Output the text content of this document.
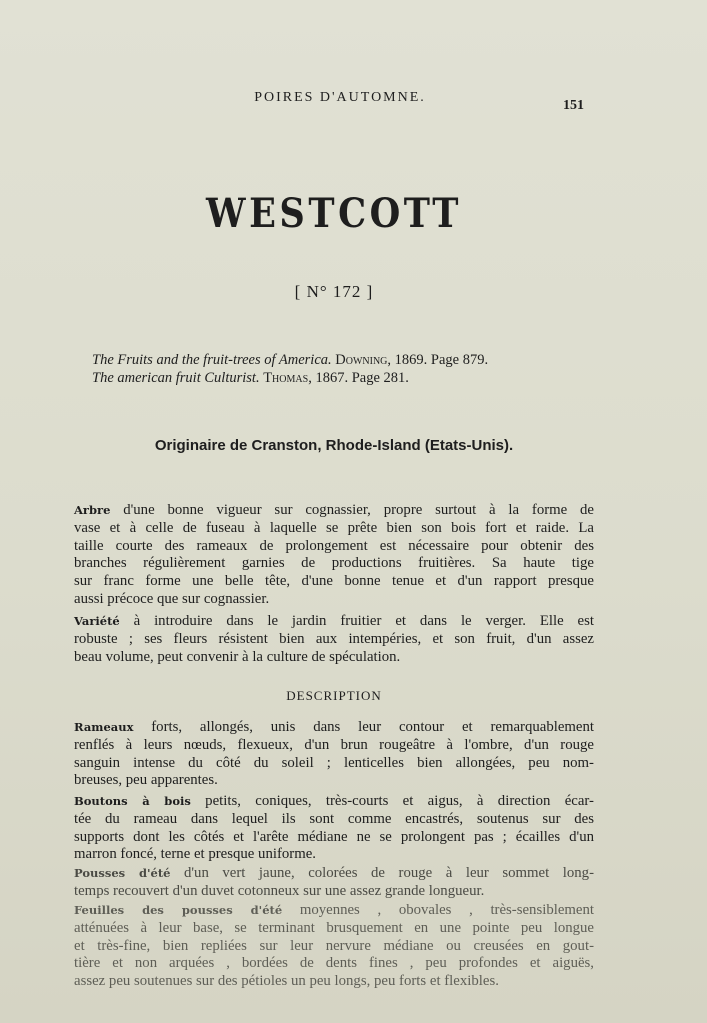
POIRES D'AUTOMNE.
151
WESTCOTT
[ N° 172 ]
The Fruits and the fruit-trees of America. Downing, 1869. Page 879.
The american fruit Culturist. Thomas, 1867. Page 281.
Originaire de Cranston, Rhode-Island (Etats-Unis).
Arbre d'une bonne vigueur sur cognassier, propre surtout à la forme de
vase et à celle de fuseau à laquelle se prête bien son bois fort et raide. La
taille courte des rameaux de prolongement est nécessaire pour obtenir des
branches régulièrement garnies de productions fruitières. Sa haute tige
sur franc forme une belle tête, d'une bonne tenue et d'un rapport presque
aussi précoce que sur cognassier.
Variété à introduire dans le jardin fruitier et dans le verger. Elle est
robuste ; ses fleurs résistent bien aux intempéries, et son fruit, d'un assez
beau volume, peut convenir à la culture de spéculation.
DESCRIPTION
Rameaux forts, allongés, unis dans leur contour et remarquablement
renflés à leurs nœuds, flexueux, d'un brun rougeâtre à l'ombre, d'un rouge
sanguin intense du côté du soleil ; lenticelles bien allongées, peu nom-
breuses, peu apparentes.
Boutons à bois petits, coniques, très-courts et aigus, à direction écar-
tée du rameau dans lequel ils sont comme encastrés, soutenus sur des
supports dont les côtés et l'arête médiane ne se prolongent pas ; écailles d'un
marron foncé, terne et presque uniforme.
Pousses d'été d'un vert jaune, colorées de rouge à leur sommet long-
temps recouvert d'un duvet cotonneux sur une assez grande longueur.
Feuilles des pousses d'été moyennes , obovales , très-sensiblement
atténuées à leur base, se terminant brusquement en une pointe peu longue
et très-fine, bien repliées sur leur nervure médiane ou creusées en gout-
tière et non arquées , bordées de dents fines , peu profondes et aiguës,
assez peu soutenues sur des pétioles un peu longs, peu forts et flexibles.
